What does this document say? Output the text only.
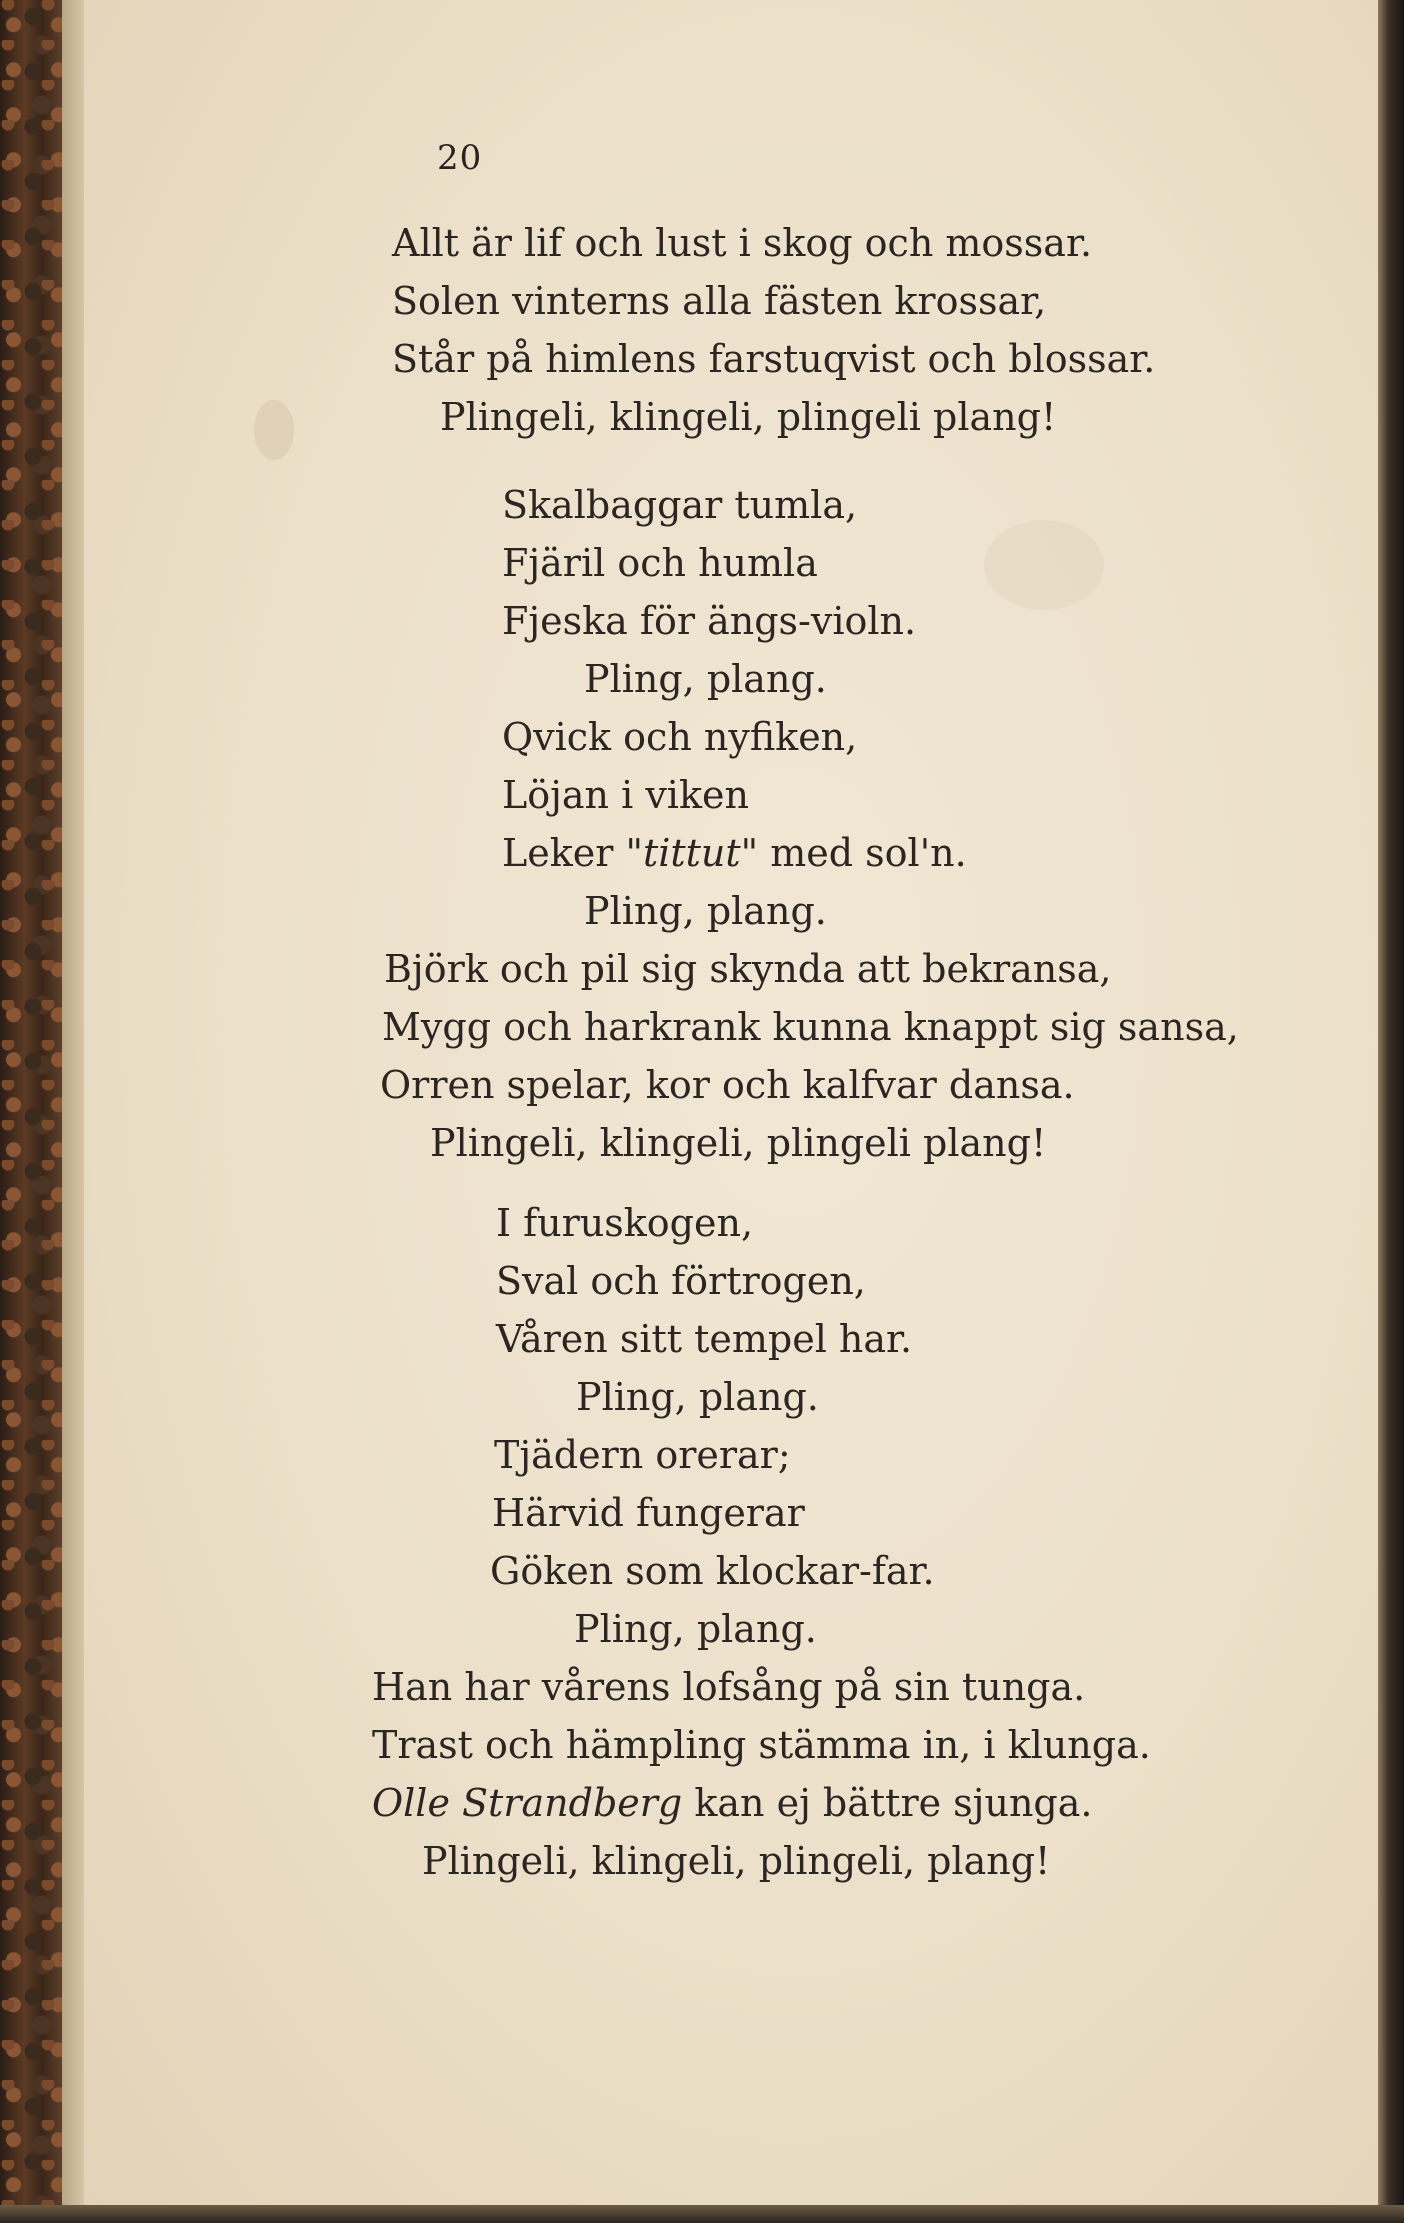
20
Allt är lif och lust i skog och mossar.
Solen vinterns alla fästen krossar,
Står på himlens farstuqvist och blossar.
Plingeli, klingeli, plingeli plang!
Skalbaggar tumla,
Fjäril och humla
Fjeska för ängs-violn.
Pling, plang.
Qvick och nyfiken,
Löjan i viken
Leker "tittut" med sol'n.
Pling, plang.
Björk och pil sig skynda att bekransa,
Mygg och harkrank kunna knappt sig sansa,
Orren spelar, kor och kalfvar dansa.
Plingeli, klingeli, plingeli plang!
I furuskogen,
Sval och förtrogen,
Våren sitt tempel har.
Pling, plang.
Tjädern orerar;
Härvid fungerar
Göken som klockar-far.
Pling, plang.
Han har vårens lofsång på sin tunga.
Trast och hämpling stämma in, i klunga.
Olle Strandberg kan ej bättre sjunga.
Plingeli, klingeli, plingeli, plang!
